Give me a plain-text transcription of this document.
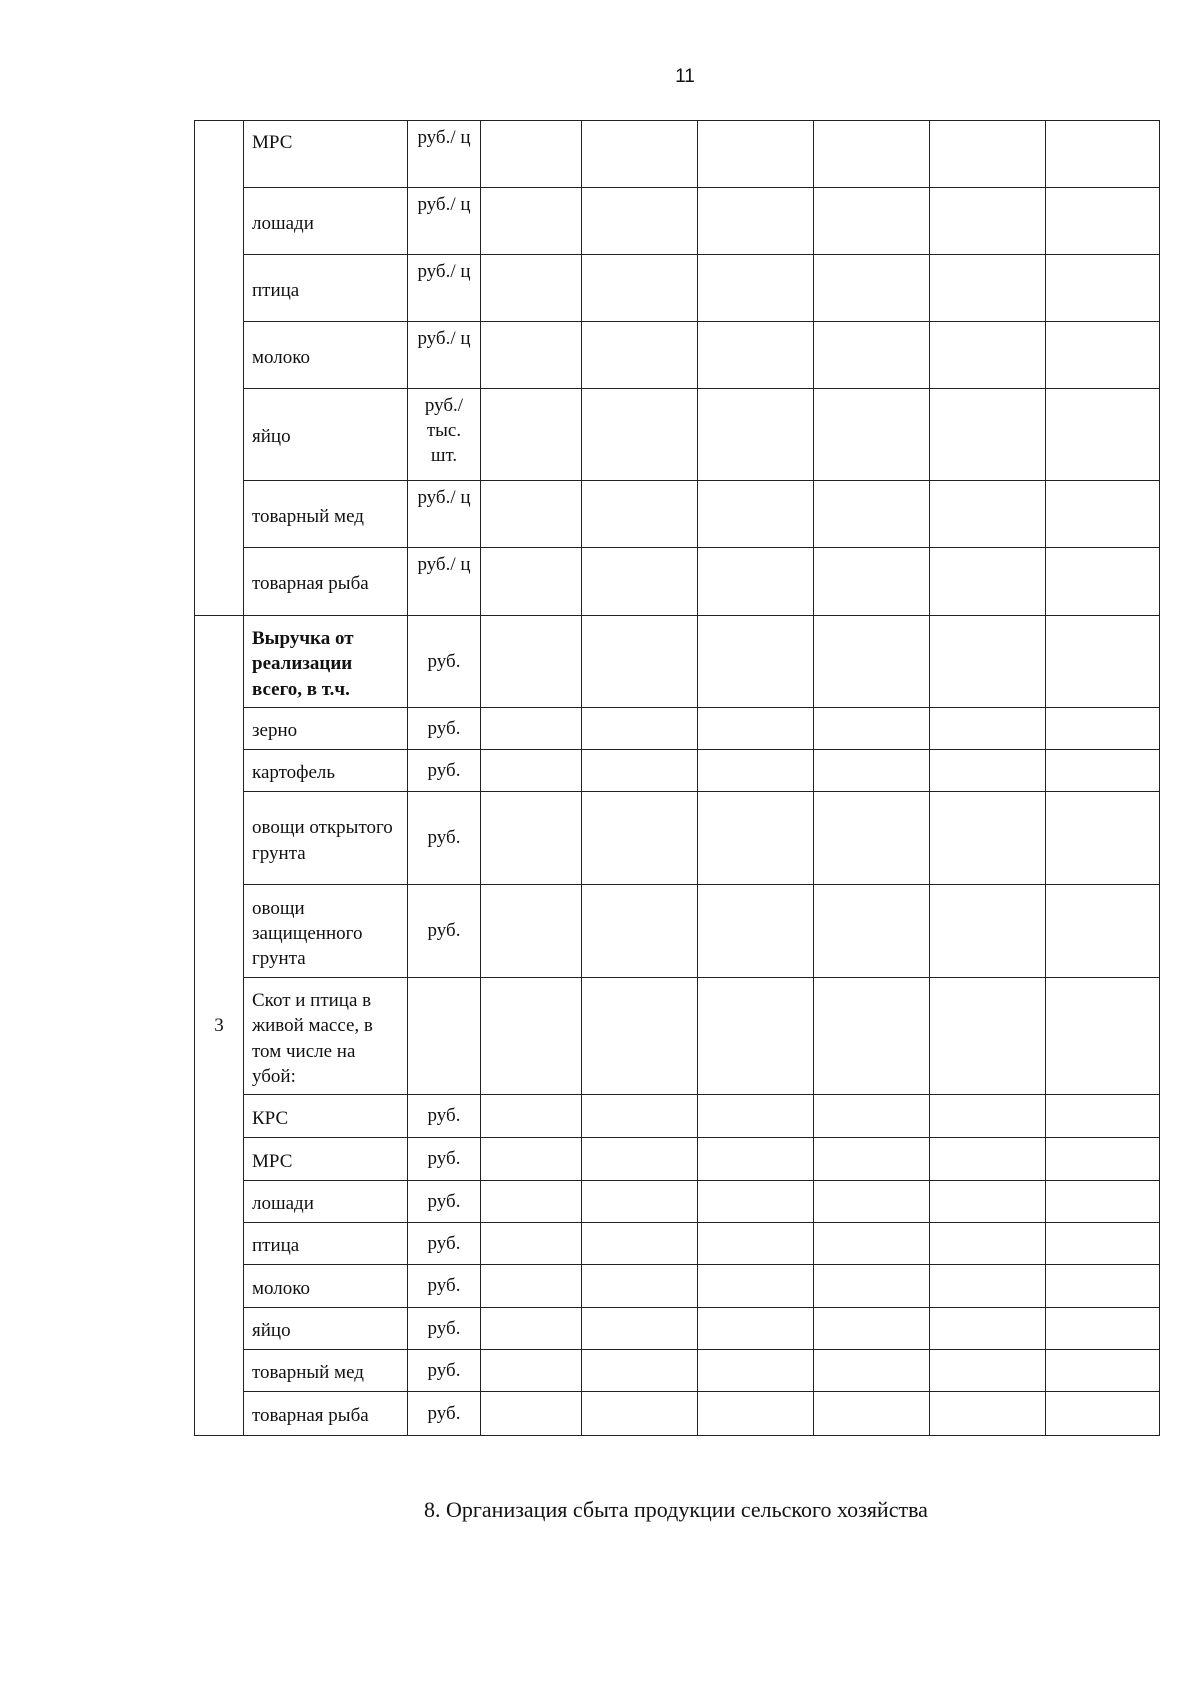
11
	МРС	руб./ ц						
	лошади	руб./ ц						
	птица	руб./ ц						
	молоко	руб./ ц						
	яйцо	руб./ тыс. шт.						
	товарный мед	руб./ ц						
	товарная рыба	руб./ ц						
3	Выручка от реализации всего, в т.ч.	руб.						
	зерно	руб.						
	картофель	руб.						
	овощи открытого грунта	руб.						
	овощи защищенного грунта	руб.						
	Скот и птица в живой массе, в том числе на убой:							
	КРС	руб.						
	МРС	руб.						
	лошади	руб.						
	птица	руб.						
	молоко	руб.						
	яйцо	руб.						
	товарный мед	руб.						
	товарная рыба	руб.						
8. Организация сбыта продукции сельского хозяйства
